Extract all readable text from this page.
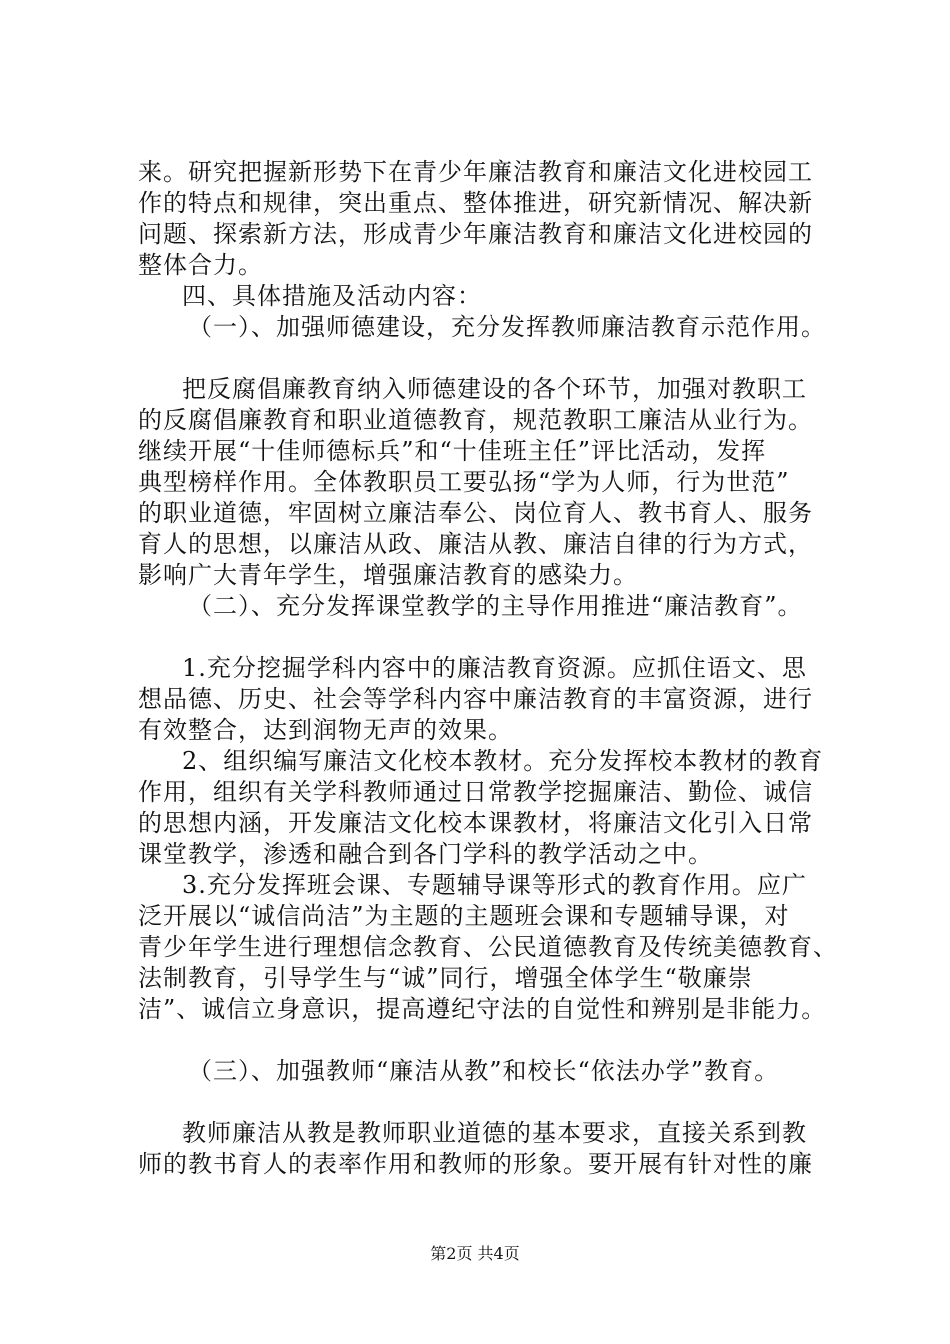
来。研究把握新形势下在青少年廉洁教育和廉洁文化进校园工
作的特点和规律，突出重点、整体推进，研究新情况、解决新
问题、探索新方法，形成青少年廉洁教育和廉洁文化进校园的
整体合力。
四、具体措施及活动内容：
（一）、加强师德建设，充分发挥教师廉洁教育示范作用。
把反腐倡廉教育纳入师德建设的各个环节，加强对教职工
的反腐倡廉教育和职业道德教育，规范教职工廉洁从业行为。
继续开展“十佳师德标兵”和“十佳班主任”评比活动，发挥
典型榜样作用。全体教职员工要弘扬“学为人师，行为世范”
的职业道德，牢固树立廉洁奉公、岗位育人、教书育人、服务
育人的思想，以廉洁从政、廉洁从教、廉洁自律的行为方式，
影响广大青年学生，增强廉洁教育的感染力。
（二）、充分发挥课堂教学的主导作用推进“廉洁教育”。
1.充分挖掘学科内容中的廉洁教育资源。应抓住语文、思
想品德、历史、社会等学科内容中廉洁教育的丰富资源，进行
有效整合，达到润物无声的效果。
2、组织编写廉洁文化校本教材。充分发挥校本教材的教育
作用，组织有关学科教师通过日常教学挖掘廉洁、勤俭、诚信
的思想内涵，开发廉洁文化校本课教材，将廉洁文化引入日常
课堂教学，渗透和融合到各门学科的教学活动之中。
3.充分发挥班会课、专题辅导课等形式的教育作用。应广
泛开展以“诚信尚洁”为主题的主题班会课和专题辅导课，对
青少年学生进行理想信念教育、公民道德教育及传统美德教育、
法制教育，引导学生与“诚”同行，增强全体学生“敬廉崇
洁”、诚信立身意识，提高遵纪守法的自觉性和辨别是非能力。
（三）、加强教师“廉洁从教”和校长“依法办学”教育。
教师廉洁从教是教师职业道德的基本要求，直接关系到教
师的教书育人的表率作用和教师的形象。要开展有针对性的廉
第2页 共4页
